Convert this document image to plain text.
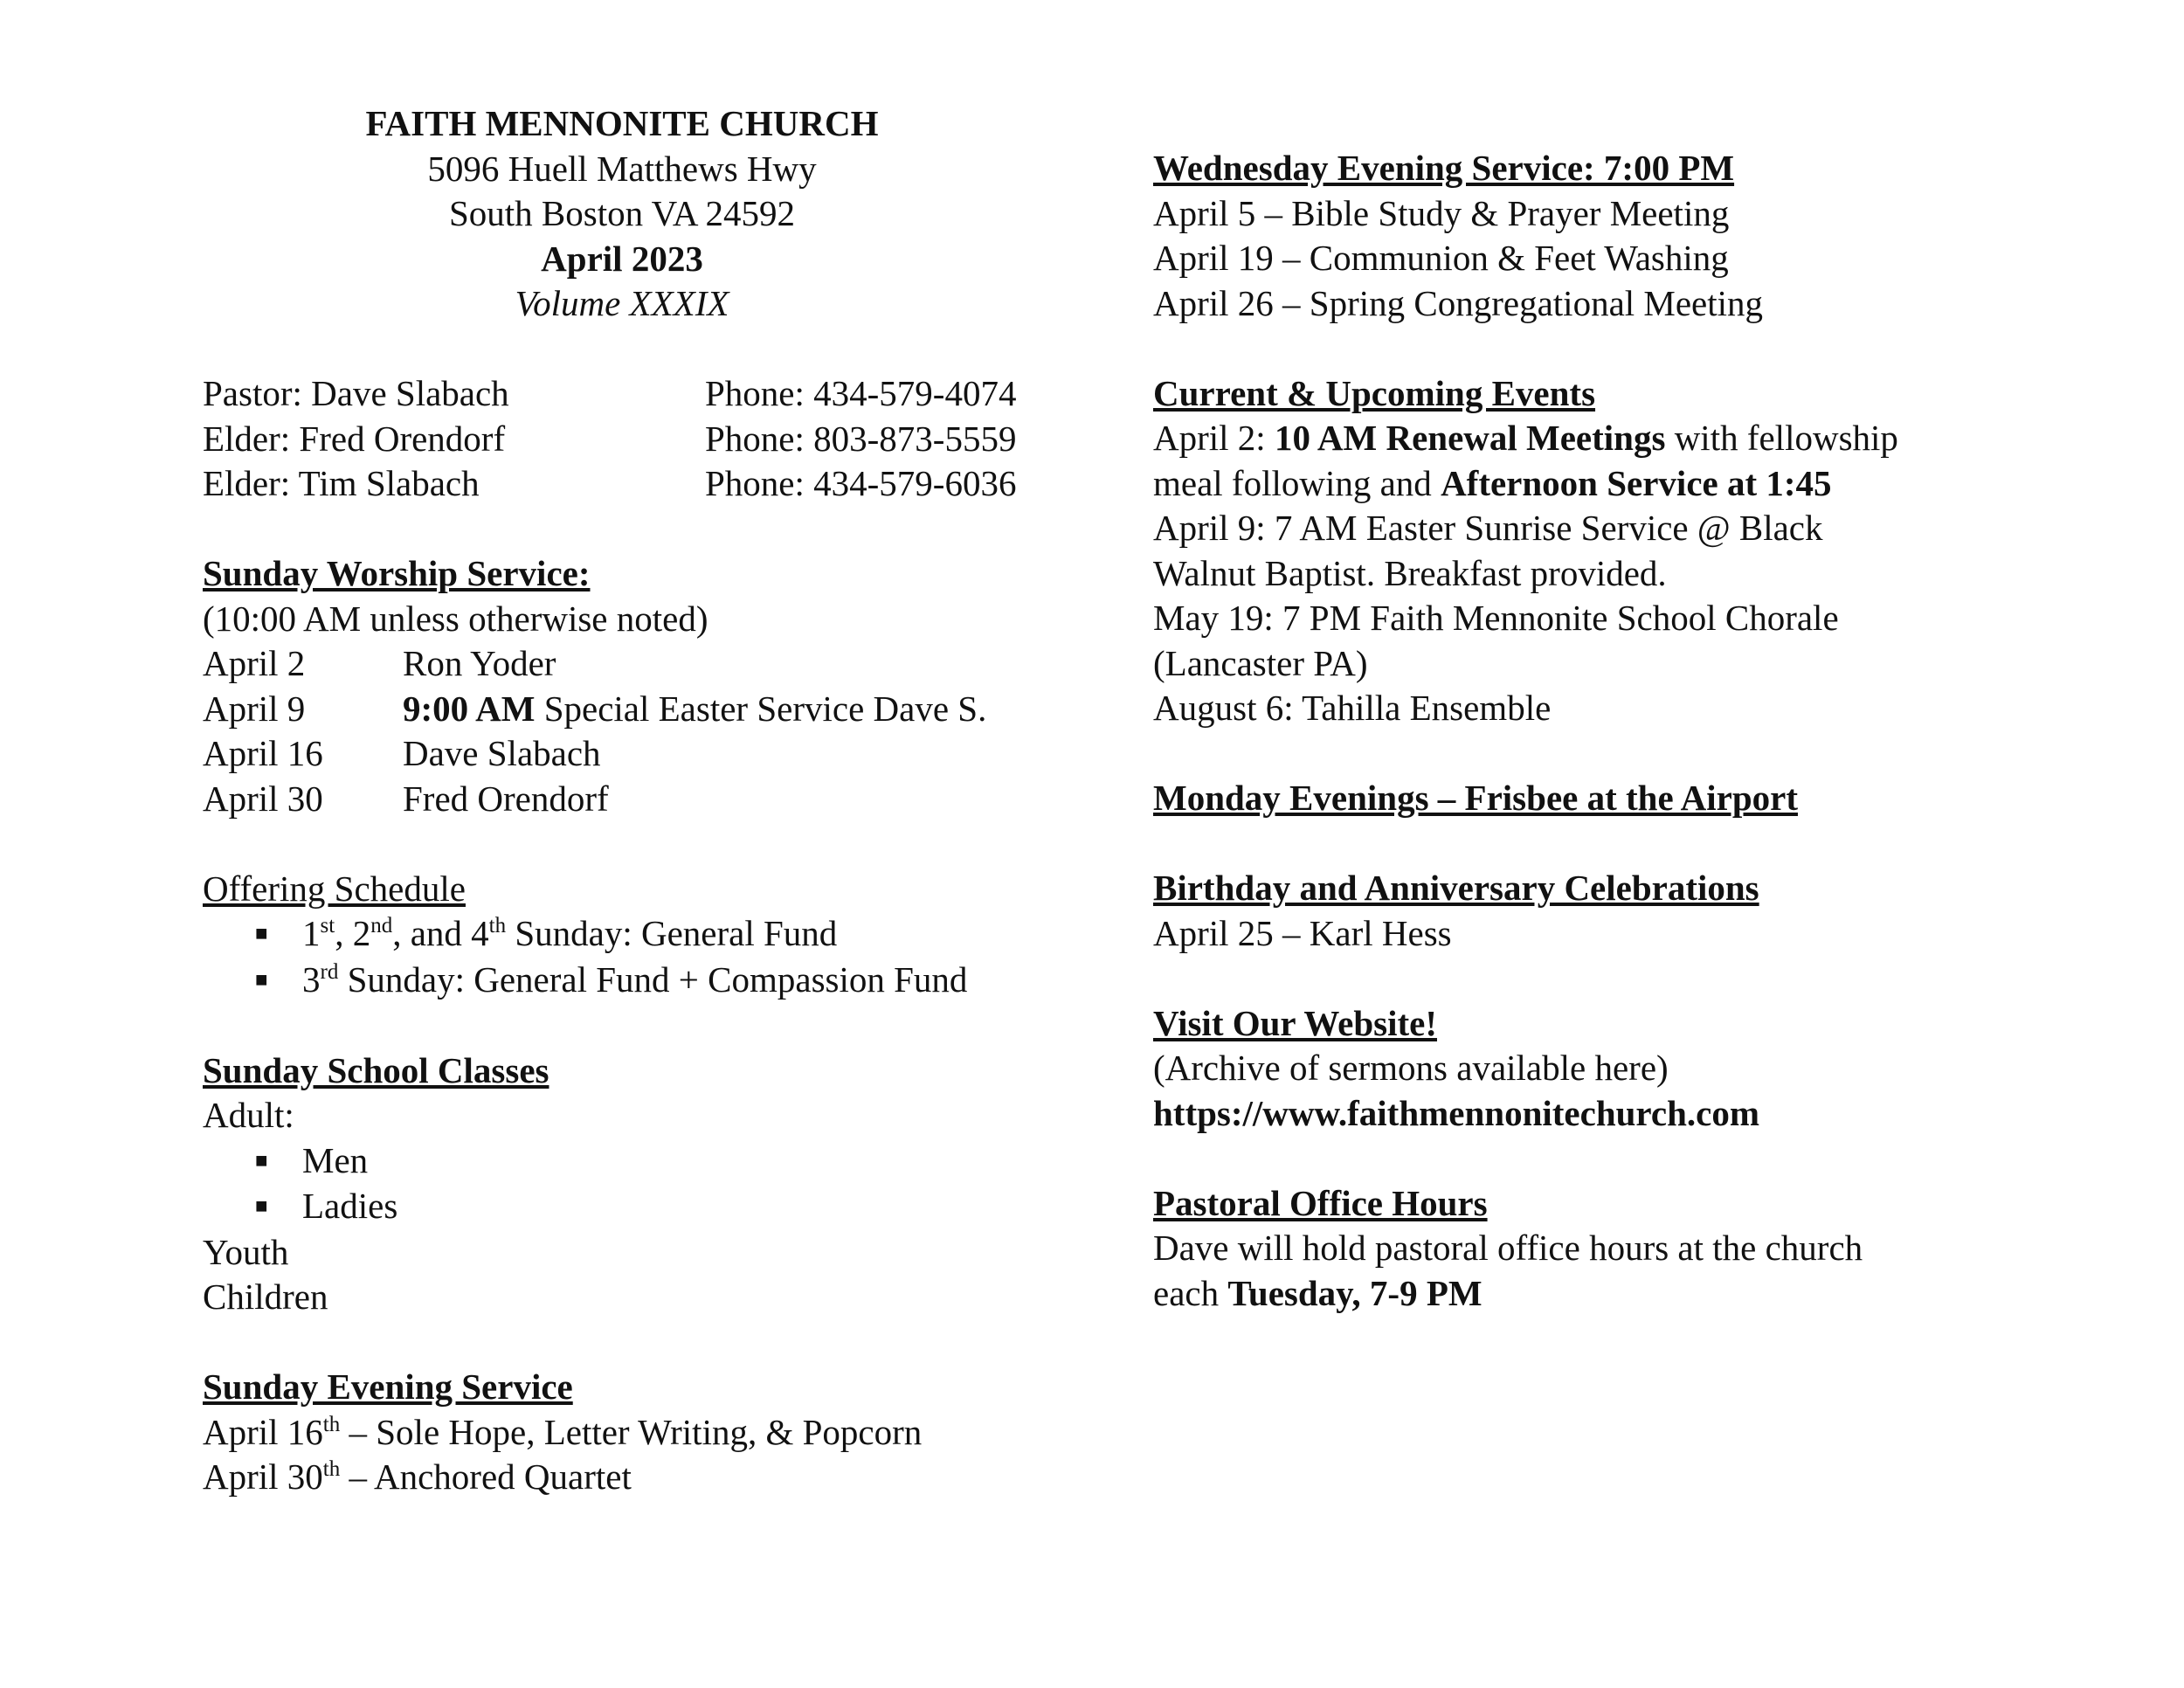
FAITH MENNONITE CHURCH
5096 Huell Matthews Hwy
South Boston VA 24592
April 2023
Volume XXXIX
Pastor: Dave Slabach	Phone: 434-579-4074
Elder: Fred Orendorf	Phone: 803-873-5559
Elder: Tim Slabach	Phone: 434-579-6036
Sunday Worship Service:
(10:00 AM unless otherwise noted)
April 2	Ron Yoder
April 9	9:00 AM Special Easter Service Dave S.
April 16 Dave Slabach
April 30 Fred Orendorf
Offering Schedule
■ 1st, 2nd, and 4th Sunday: General Fund
■ 3rd Sunday: General Fund + Compassion Fund
Sunday School Classes
Adult:
■ Men
■ Ladies
Youth
Children
Sunday Evening Service
April 16th – Sole Hope, Letter Writing, & Popcorn
April 30th – Anchored Quartet
Wednesday Evening Service: 7:00 PM
April 5 – Bible Study & Prayer Meeting
April 19 – Communion & Feet Washing
April 26 – Spring Congregational Meeting
Current & Upcoming Events
April 2: 10 AM Renewal Meetings with fellowship
meal following and Afternoon Service at 1:45
April 9: 7 AM Easter Sunrise Service @ Black
Walnut Baptist. Breakfast provided.
May 19: 7 PM Faith Mennonite School Chorale
(Lancaster PA)
August 6: Tahilla Ensemble
Monday Evenings – Frisbee at the Airport
Birthday and Anniversary Celebrations
April 25 – Karl Hess
Visit Our Website!
(Archive of sermons available here)
https://www.faithmennonitechurch.com
Pastoral Office Hours
Dave will hold pastoral office hours at the church
each Tuesday, 7-9 PM
